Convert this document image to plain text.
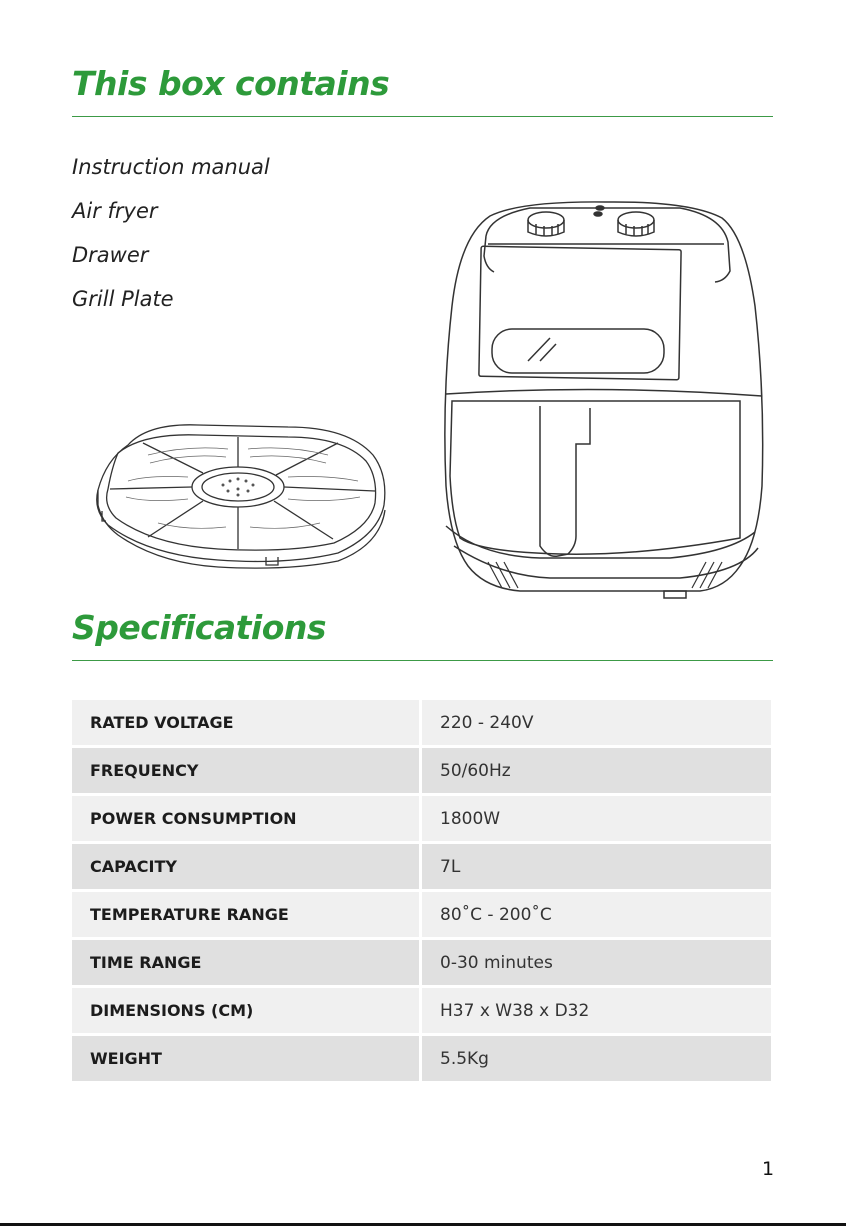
This box contains
Instruction manual
Air fryer
Drawer
Grill Plate
Specifications
RATED VOLTAGE	220 - 240V
FREQUENCY	50/60Hz
POWER CONSUMPTION	1800W
CAPACITY	7L
TEMPERATURE RANGE	80˚C - 200˚C
TIME RANGE	0-30 minutes
DIMENSIONS (CM)	H37 x W38 x D32
WEIGHT	5.5Kg
1
